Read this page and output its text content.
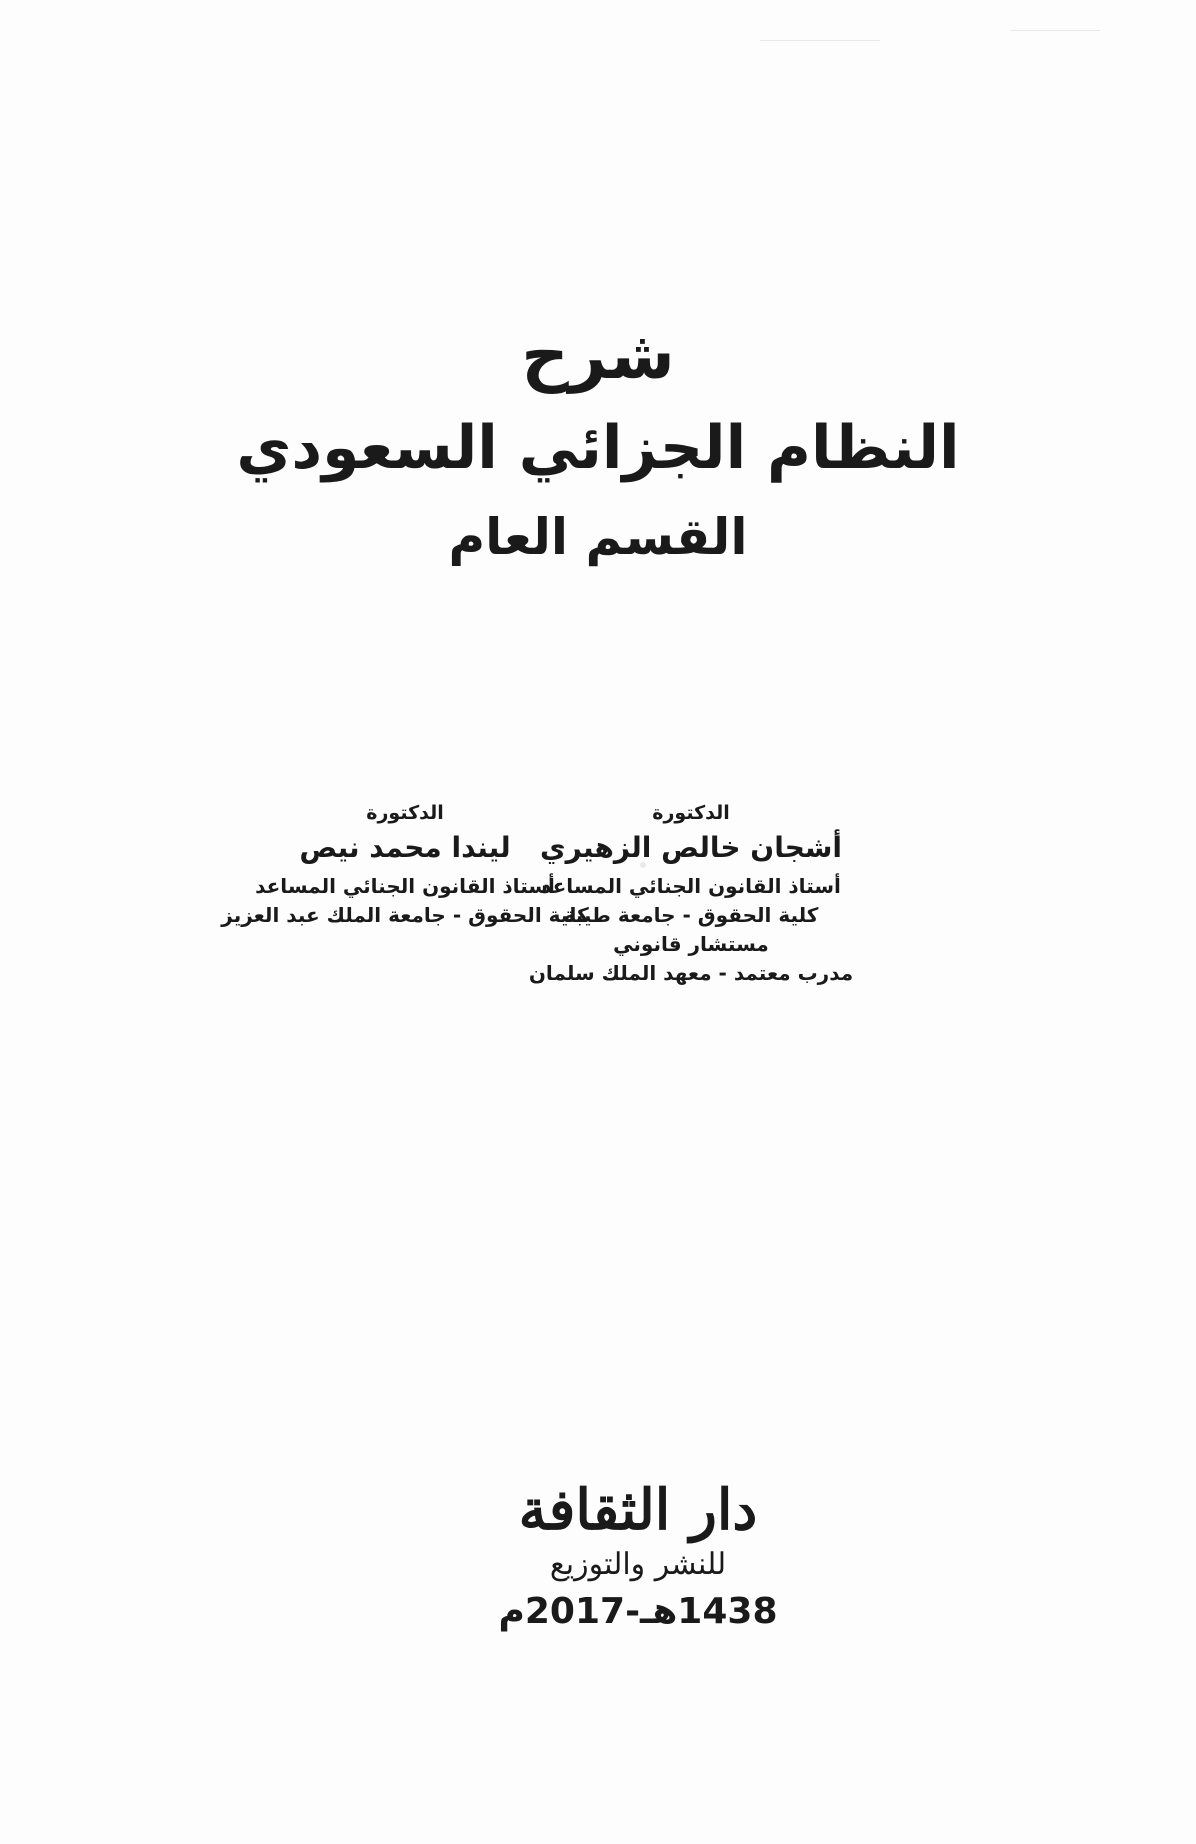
شرح
النظام الجزائي السعودي
القسم العام
الدكتورة
أشجان خالص الزهيري
أستاذ القانون الجنائي المساعد
كلية الحقوق - جامعة طيبة
مستشار قانوني
مدرب معتمد - معهد الملك سلمان
الدكتورة
ليندا محمد نيص
أستاذ القانون الجنائي المساعد
كلية الحقوق - جامعة الملك عبد العزيز
دار الثقافة
للنشر والتوزيع
1438هـ-2017م
